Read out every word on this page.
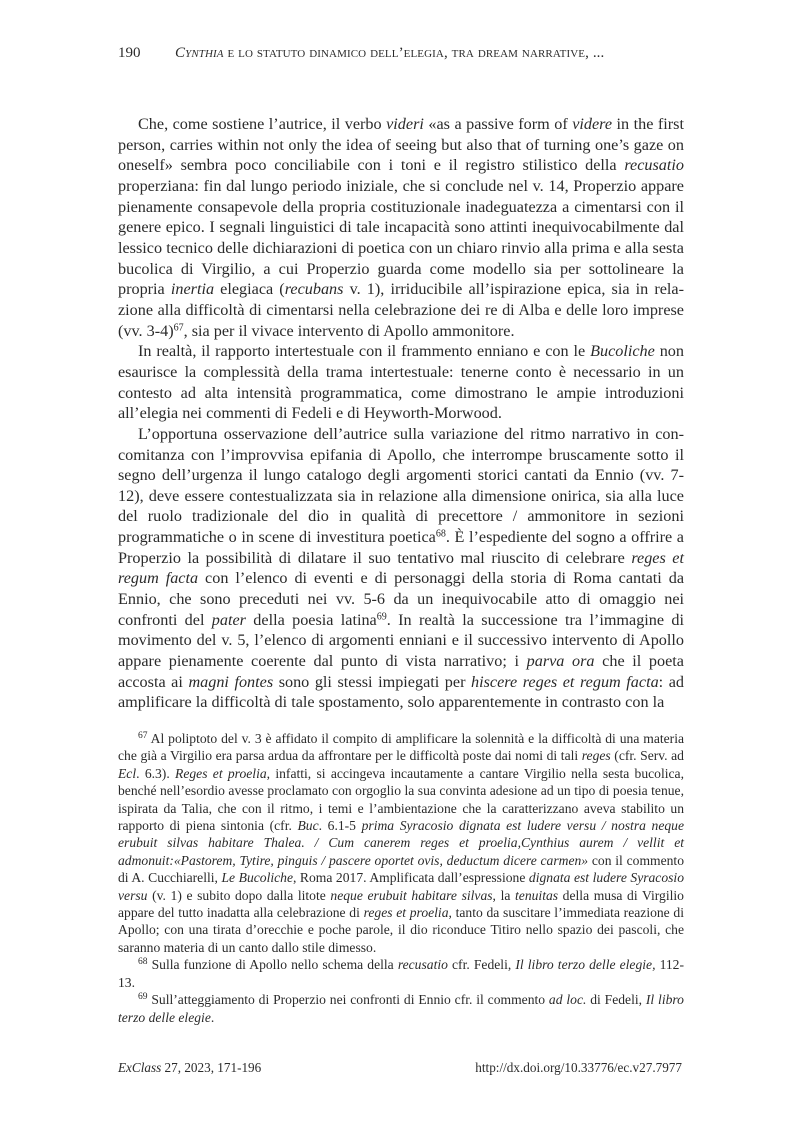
190 Cynthia e lo statuto dinamico dell’elegia, tra dream narrative, ...

Che, come sostiene l’autrice, il verbo videri «as a passive form of videre in the first person, carries within not only the idea of seeing but also that of turning one’s gaze on oneself» sembra poco conciliabile con i toni e il registro stilistico della recusatio properziana: fin dal lungo periodo iniziale, che si conclude nel v. 14, Properzio appare pienamente consapevole della propria costituzionale inadeguatezza a cimentarsi con il genere epico. I segnali linguistici di tale incapacità sono attinti inequivocabilmente dal lessico tecnico delle dichiarazioni di poetica con un chiaro rinvio alla prima e alla sesta bucolica di Virgilio, a cui Properzio guarda come modello sia per sottolineare la propria inertia elegiaca (recubans v. 1), irriducibile all’ispirazione epica, sia in relazione alla difficoltà di cimentarsi nella celebrazione dei re di Alba e delle loro imprese (vv. 3-4)$^{67}$, sia per il vivace intervento di Apollo ammonitore.

In realtà, il rapporto intertestuale con il frammento enniano e con le Bucoliche non esaurisce la complessità della trama intertestuale: tenerne conto è necessario in un contesto ad alta intensità programmatica, come dimostrano le ampie introduzioni all’elegia nei commenti di Fedeli e di Heyworth-Morwood.

L’opportuna osservazione dell’autrice sulla variazione del ritmo narrativo in concomitanza con l’improvvisa epifania di Apollo, che interrompe bruscamente sotto il segno dell’urgenza il lungo catalogo degli argomenti storici cantati da Ennio (vv. 7-12), deve essere contestualizzata sia in relazione alla dimensione onirica, sia alla luce del ruolo tradizionale del dio in qualità di precettore / ammonitore in sezioni programmatiche o in scene di investitura poetica$^{68}$. È l’espediente del sogno a offrire a Properzio la possibilità di dilatare il suo tentativo mal riuscito di celebrare reges et regum facta con l’elenco di eventi e di personaggi della storia di Roma cantati da Ennio, che sono preceduti nei vv. 5-6 da un inequivocabile atto di omaggio nei confronti del pater della poesia latina$^{69}$. In realtà la successione tra l’immagine di movimento del v. 5, l’elenco di argomenti enniani e il successivo intervento di Apollo appare pienamente coerente dal punto di vista narrativo; i parva ora che il poeta accosta ai magni fontes sono gli stessi impiegati per hiscere reges et regum facta: ad amplificare la difficoltà di tale spostamento, solo apparentemente in contrasto con la

$^{67}$ Al poliptoto del v. 3 è affidato il compito di amplificare la solennità e la difficoltà di una materia che già a Virgilio era parsa ardua da affrontare per le difficoltà poste dai nomi di tali reges (cfr. Serv. ad Ecl. 6.3). Reges et proelia, infatti, si accingeva incautamente a cantare Virgilio nella sesta bucolica, benché nell’esordio avesse proclamato con orgoglio la sua convinta adesione ad un tipo di poesia tenue, ispirata da Talia, che con il ritmo, i temi e l’ambientazione che la caratterizzano aveva stabilito un rapporto di piena sintonia (cfr. Buc. 6.1-5 prima Syracosio dignata est ludere versu / nostra neque erubuit silvas habitare Thalea. / Cum canerem reges et proelia,Cynthius aurem / vellit et admonuit:«Pastorem, Tytire, pinguis / pascere oportet ovis, deductum dicere carmen» con il commento di A. Cucchiarelli, Le Bucoliche, Roma 2017. Amplificata dall’espressione dignata est ludere Syracosio versu (v. 1) e subito dopo dalla litote neque erubuit habitare silvas, la tenuitas della musa di Virgilio appare del tutto inadatta alla celebrazione di reges et proelia, tanto da suscitare l’immediata reazione di Apollo; con una tirata d’orecchie e poche parole, il dio riconduce Titiro nello spazio dei pascoli, che saranno materia di un canto dallo stile dimesso.

$^{68}$ Sulla funzione di Apollo nello schema della recusatio cfr. Fedeli, Il libro terzo delle elegie, 112-13.

$^{69}$ Sull’atteggiamento di Properzio nei confronti di Ennio cfr. il commento ad loc. di Fedeli, Il libro terzo delle elegie.

ExClass 27, 2023, 171-196	http://dx.doi.org/10.33776/ec.v27.7977
